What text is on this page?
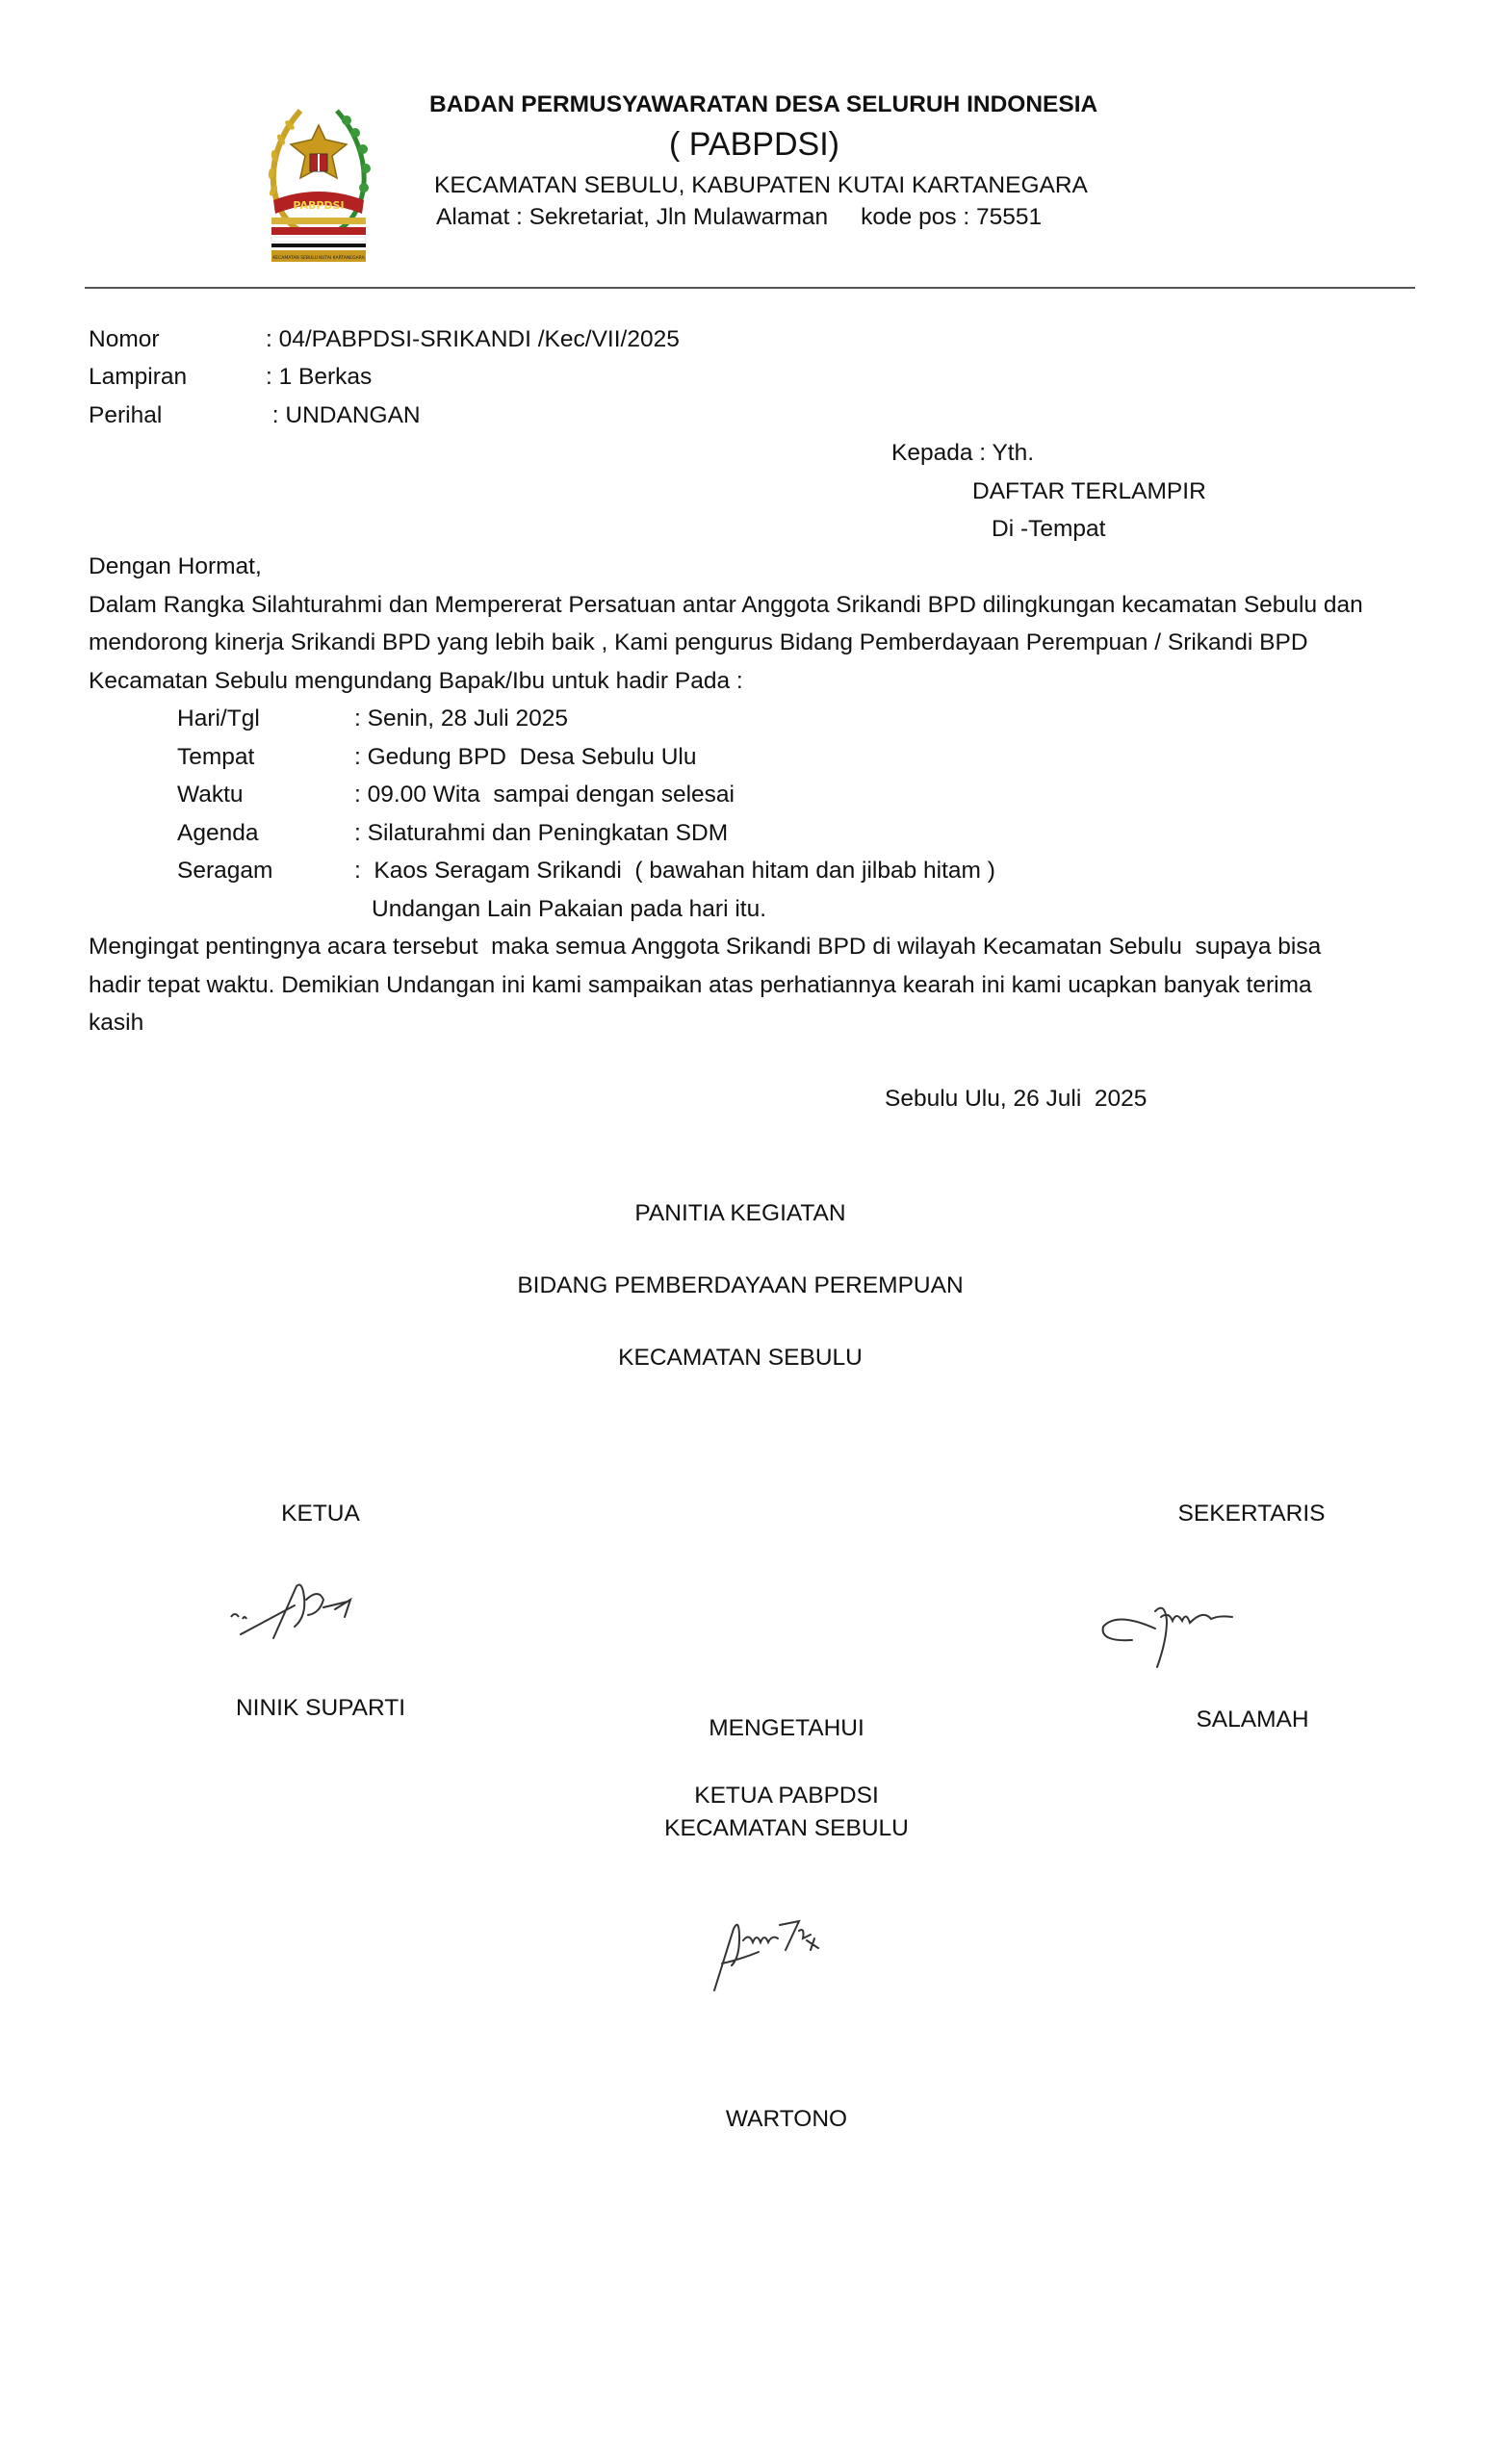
PABPDSI
KECAMATAN SEBULU KUTAI KARTANEGARA
BADAN PERMUSYAWARATAN DESA SELURUH INDONESIA
( PABPDSI)
KECAMATAN SEBULU, KABUPATEN KUTAI KARTANEGARA
Alamat : Sekretariat, Jln Mulawarman     kode pos : 75551
Nomor	: 04/PABPDSI-SRIKANDI /Kec/VII/2025
Lampiran	: 1 Berkas
Perihal	: UNDANGAN
Kepada : Yth.
DAFTAR TERLAMPIR
Di -Tempat
Dengan Hormat,
Dalam Rangka Silahturahmi dan Mempererat Persatuan antar Anggota Srikandi BPD dilingkungan kecamatan Sebulu dan
mendorong kinerja Srikandi BPD yang lebih baik , Kami pengurus Bidang Pemberdayaan Perempuan / Srikandi BPD
Kecamatan Sebulu mengundang Bapak/Ibu untuk hadir Pada :
Hari/Tgl	: Senin, 28 Juli 2025
Tempat	: Gedung BPD  Desa Sebulu Ulu
Waktu	: 09.00 Wita  sampai dengan selesai
Agenda	: Silaturahmi dan Peningkatan SDM
Seragam	:  Kaos Seragam Srikandi  ( bawahan hitam dan jilbab hitam )
Undangan Lain Pakaian pada hari itu.
Mengingat pentingnya acara tersebut  maka semua Anggota Srikandi BPD di wilayah Kecamatan Sebulu  supaya bisa
hadir tepat waktu. Demikian Undangan ini kami sampaikan atas perhatiannya kearah ini kami ucapkan banyak terima
kasih
Sebulu Ulu, 26 Juli  2025
PANITIA KEGIATAN
BIDANG PEMBERDAYAAN PEREMPUAN
KECAMATAN SEBULU
KETUA	SEKERTARIS
NINIK SUPARTI	SALAMAH
MENGETAHUI
KETUA PABPDSI
KECAMATAN SEBULU
WARTONO
